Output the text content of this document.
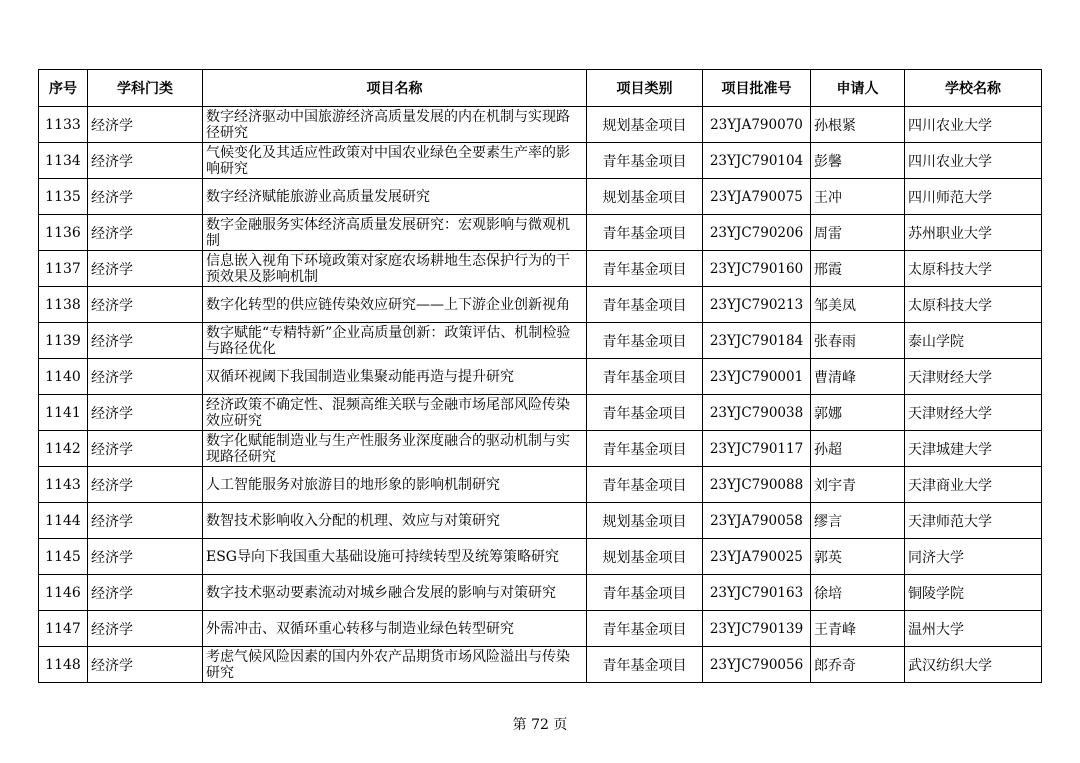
序号	学科门类	项目名称	项目类别	项目批准号	申请人	学校名称
1133	经济学	数字经济驱动中国旅游经济高质量发展的内在机制与实现路径研究	规划基金项目	23YJA790070	孙根紧	四川农业大学
1134	经济学	气候变化及其适应性政策对中国农业绿色全要素生产率的影响研究	青年基金项目	23YJC790104	彭馨	四川农业大学
1135	经济学	数字经济赋能旅游业高质量发展研究	规划基金项目	23YJA790075	王冲	四川师范大学
1136	经济学	数字金融服务实体经济高质量发展研究：宏观影响与微观机制	青年基金项目	23YJC790206	周雷	苏州职业大学
1137	经济学	信息嵌入视角下环境政策对家庭农场耕地生态保护行为的干预效果及影响机制	青年基金项目	23YJC790160	邢霞	太原科技大学
1138	经济学	数字化转型的供应链传染效应研究——上下游企业创新视角	青年基金项目	23YJC790213	邹美凤	太原科技大学
1139	经济学	数字赋能“专精特新”企业高质量创新：政策评估、机制检验与路径优化	青年基金项目	23YJC790184	张春雨	泰山学院
1140	经济学	双循环视阈下我国制造业集聚动能再造与提升研究	青年基金项目	23YJC790001	曹清峰	天津财经大学
1141	经济学	经济政策不确定性、混频高维关联与金融市场尾部风险传染效应研究	青年基金项目	23YJC790038	郭娜	天津财经大学
1142	经济学	数字化赋能制造业与生产性服务业深度融合的驱动机制与实现路径研究	青年基金项目	23YJC790117	孙超	天津城建大学
1143	经济学	人工智能服务对旅游目的地形象的影响机制研究	青年基金项目	23YJC790088	刘宇青	天津商业大学
1144	经济学	数智技术影响收入分配的机理、效应与对策研究	规划基金项目	23YJA790058	缪言	天津师范大学
1145	经济学	ESG导向下我国重大基础设施可持续转型及统筹策略研究	规划基金项目	23YJA790025	郭英	同济大学
1146	经济学	数字技术驱动要素流动对城乡融合发展的影响与对策研究	青年基金项目	23YJC790163	徐培	铜陵学院
1147	经济学	外需冲击、双循环重心转移与制造业绿色转型研究	青年基金项目	23YJC790139	王青峰	温州大学
1148	经济学	考虑气候风险因素的国内外农产品期货市场风险溢出与传染研究	青年基金项目	23YJC790056	郎乔奇	武汉纺织大学
第 72 页
